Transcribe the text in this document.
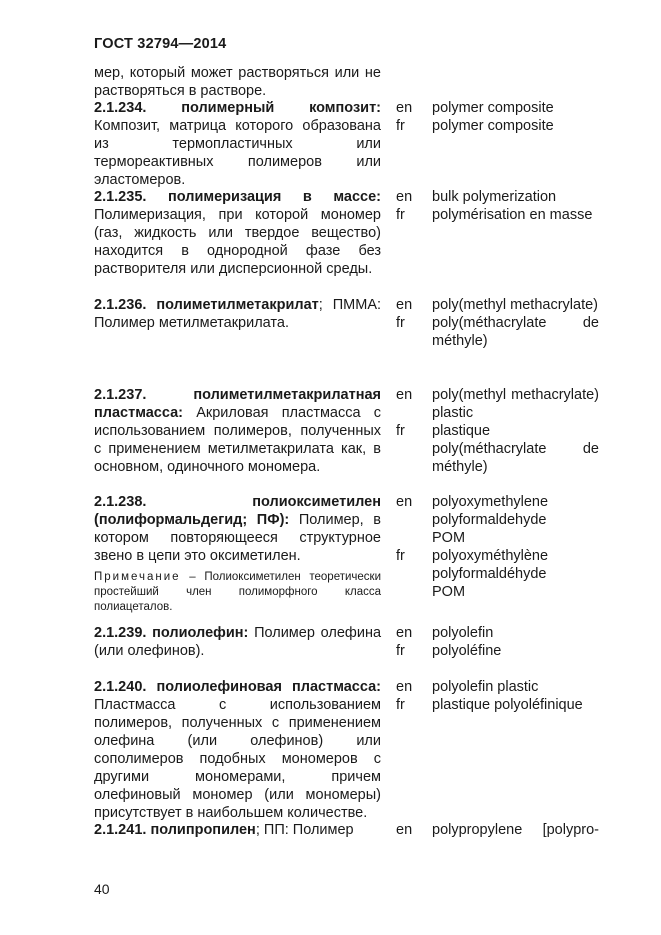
ГОСТ 32794—2014
мер, который может растворяться или не растворяться в растворе.
2.1.234. полимерный композит: Композит, матрица которого образована из термопластичных или термореактивных полимеров или эластомеров.
en	polymer composite
fr	polymer composite
2.1.235. полимеризация в массе: Полимеризация, при которой мономер (газ, жидкость или твердое вещество) находится в однородной фазе без растворителя или дисперсионной среды.
en	bulk polymerization
fr	polymérisation en masse
2.1.236. полиметилметакрилат; ПММА: Полимер метилметакрилата.
en	poly(methyl methacrylate)
fr	poly(méthacrylate de méthyle)
2.1.237.	полиметилметакрилатная пластмасса: Акриловая пластмасса с использованием полимеров, полученных с применением метилметакрилата как, в основном, одиночного мономера.
en	poly(methyl methacrylate) plastic
fr	plastique poly(méthacrylate de méthyle)
2.1.238.	полиоксиметилен (полиформальдегид; ПФ): Полимер, в котором повторяющееся структурное звено в цепи это оксиметилен.
Примечание – Полиоксиметилен теоретически простейший член полиморфного класса полиацеталов.
en	polyoxymethylene
polyformaldehyde
POM
fr	polyoxyméthylène
polyformaldéhyde
POM
2.1.239. полиолефин: Полимер олефина (или олефинов).
en	polyolefin
fr	polyoléfine
2.1.240. полиолефиновая пластмасса: Пластмасса с использованием полимеров, полученных с применением олефина (или олефинов) или сополимеров подобных мономеров с другими мономерами, причем олефиновый мономер (или мономеры) присутствует в наибольшем количестве.
en	polyolefin plastic
fr	plastique polyoléfinique
2.1.241. полипропилен; ПП: Полимер	en	polypropylene [polypro-
40
